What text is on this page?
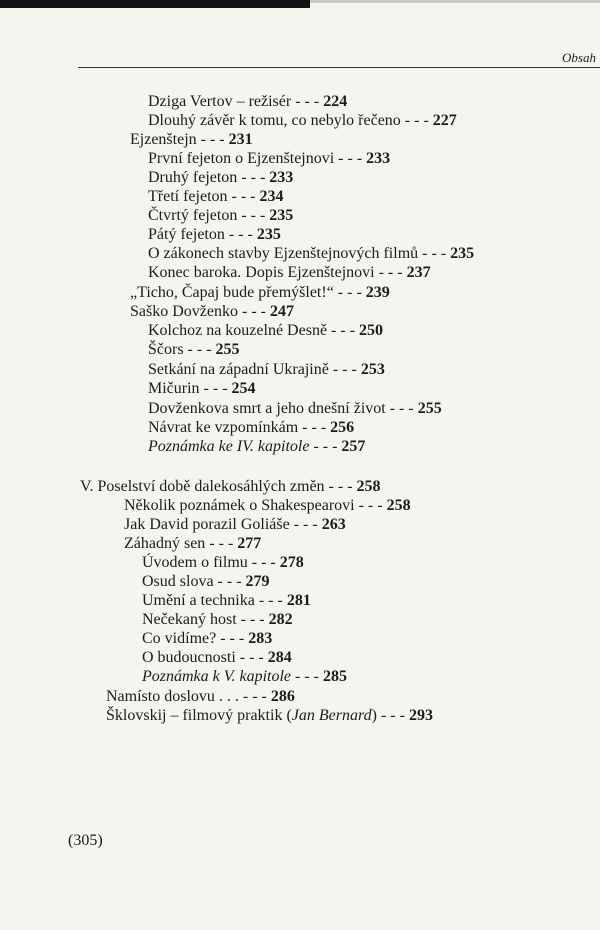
Obsah
Dziga Vertov – režisér - - - 224
Dlouhý závěr k tomu, co nebylo řečeno - - - 227
Ejzenštejn - - - 231
První fejeton o Ejzenštejnovi - - - 233
Druhý fejeton - - - 233
Třetí fejeton - - - 234
Čtvrtý fejeton - - - 235
Pátý fejeton - - - 235
O zákonech stavby Ejzenštejnových filmů - - - 235
Konec baroka. Dopis Ejzenštejnovi - - - 237
„Ticho, Čapaj bude přemýšlet!“ - - - 239
Saško Dovženko - - - 247
Kolchoz na kouzelné Desně - - - 250
Ščors - - - 255
Setkání na západní Ukrajině - - - 253
Mičurin - - - 254
Dovženkova smrt a jeho dnešní život - - - 255
Návrat ke vzpomínkám - - - 256
Poznámka ke IV. kapitole - - - 257
V. Poselství době dalekosáhlých změn - - - 258
Několik poznámek o Shakespearovi - - - 258
Jak David porazil Goliáše - - - 263
Záhadný sen - - - 277
Úvodem o filmu - - - 278
Osud slova - - - 279
Umění a technika - - - 281
Nečekaný host - - - 282
Co vidíme? - - - 283
O budoucnosti - - - 284
Poznámka k V. kapitole - - - 285
Namísto doslovu . . . - - - 286
Šklovskij – filmový praktik (Jan Bernard) - - - 293
(305)
